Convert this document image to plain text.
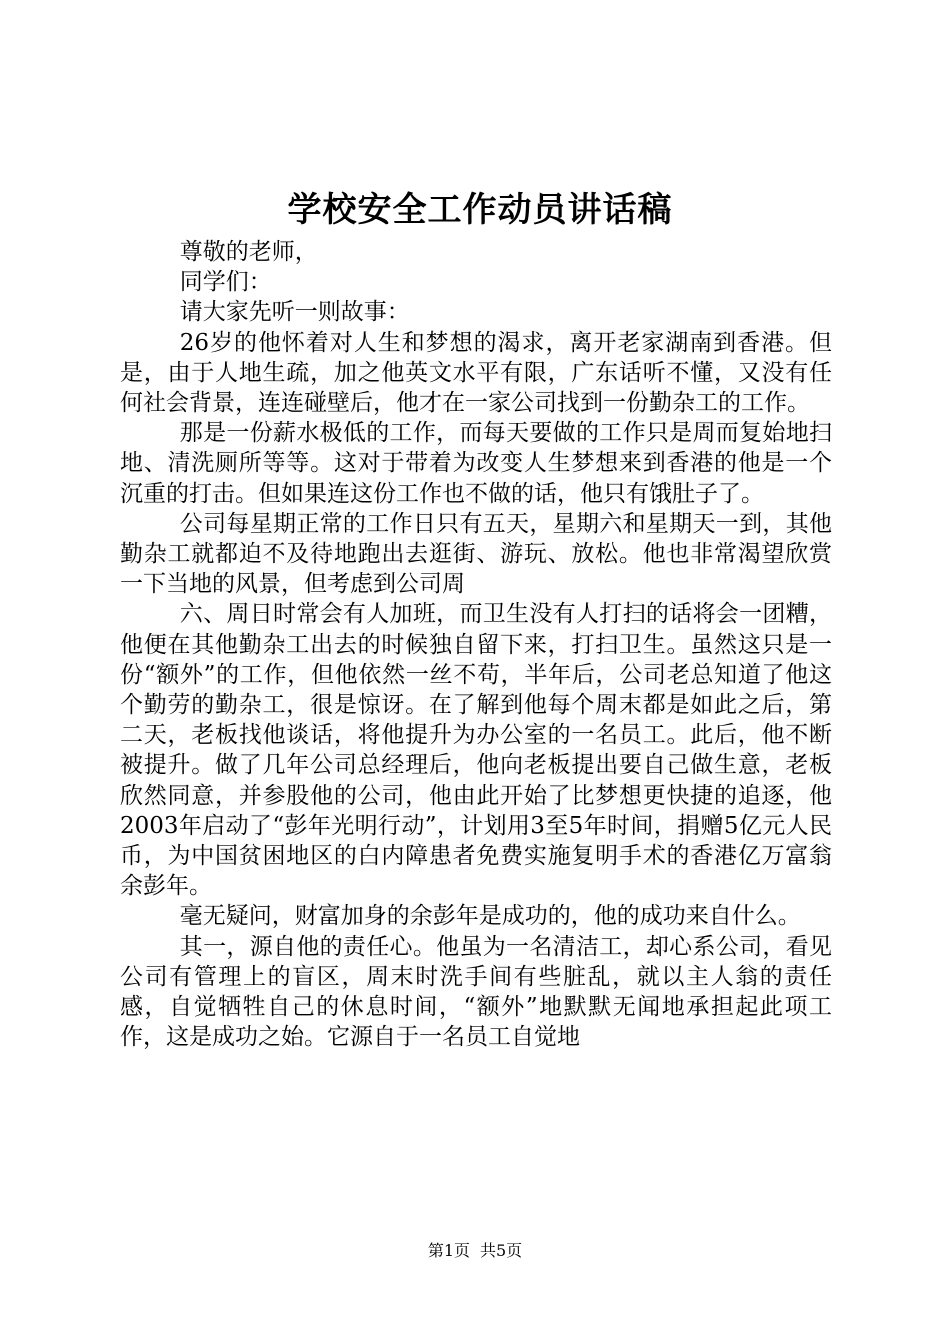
学校安全工作动员讲话稿

尊敬的老师，

同学们：

请大家先听一则故事：

26岁的他怀着对人生和梦想的渴求，离开老家湖南到香港。但是，由于人地生疏，加之他英文水平有限，广东话听不懂，又没有任何社会背景，连连碰壁后，他才在一家公司找到一份勤杂工的工作。

那是一份薪水极低的工作，而每天要做的工作只是周而复始地扫地、清洗厕所等等。这对于带着为改变人生梦想来到香港的他是一个沉重的打击。但如果连这份工作也不做的话，他只有饿肚子了。

公司每星期正常的工作日只有五天，星期六和星期天一到，其他勤杂工就都迫不及待地跑出去逛街、游玩、放松。他也非常渴望欣赏一下当地的风景，但考虑到公司周

六、周日时常会有人加班，而卫生没有人打扫的话将会一团糟，他便在其他勤杂工出去的时候独自留下来，打扫卫生。虽然这只是一份“额外”的工作，但他依然一丝不苟，半年后，公司老总知道了他这个勤劳的勤杂工，很是惊讶。在了解到他每个周末都是如此之后，第二天，老板找他谈话，将他提升为办公室的一名员工。此后，他不断被提升。做了几年公司总经理后，他向老板提出要自己做生意，老板欣然同意，并参股他的公司，他由此开始了比梦想更快捷的追逐，他2003年启动了“彭年光明行动”，计划用3至5年时间，捐赠5亿元人民币，为中国贫困地区的白内障患者免费实施复明手术的香港亿万富翁余彭年。

毫无疑问，财富加身的余彭年是成功的，他的成功来自什么。

其一，源自他的责任心。他虽为一名清洁工，却心系公司，看见公司有管理上的盲区，周末时洗手间有些脏乱，就以主人翁的责任感，自觉牺牲自己的休息时间，“额外”地默默无闻地承担起此项工作，这是成功之始。它源自于一名员工自觉地

第1页 共5页
